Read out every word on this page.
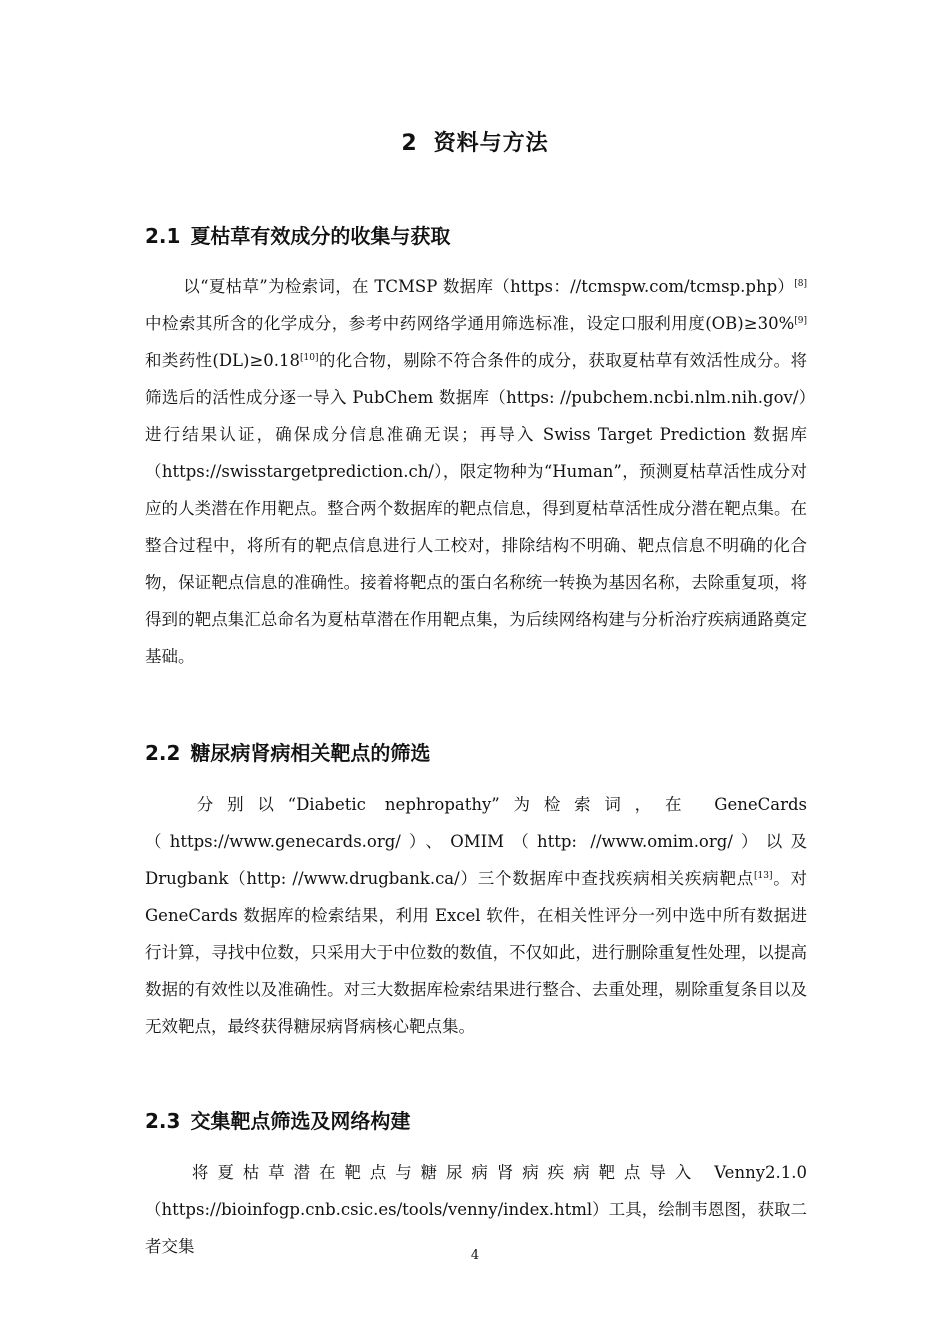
2 资料与方法
2.1 夏枯草有效成分的收集与获取
以“夏枯草”为检索词，在 TCMSP 数据库（https：//tcmspw.com/tcmsp.php）[8]中检索其所含的化学成分，参考中药网络学通用筛选标准，设定口服利用度(OB)≥30%[9]和类药性(DL)≥0.18[10]的化合物，剔除不符合条件的成分，获取夏枯草有效活性成分。将筛选后的活性成分逐一导入 PubChem 数据库（https: //pubchem.ncbi.nlm.nih.gov/）进行结果认证，确保成分信息准确无误；再导入 Swiss Target Prediction 数据库（https://swisstargetprediction.ch/），限定物种为“Human”，预测夏枯草活性成分对应的人类潜在作用靶点。整合两个数据库的靶点信息，得到夏枯草活性成分潜在靶点集。在整合过程中，将所有的靶点信息进行人工校对，排除结构不明确、靶点信息不明确的化合物，保证靶点信息的准确性。接着将靶点的蛋白名称统一转换为基因名称，去除重复项，将得到的靶点集汇总命名为夏枯草潜在作用靶点集，为后续网络构建与分析治疗疾病通路奠定基础。
2.2 糖尿病肾病相关靶点的筛选
分别以“Diabetic nephropathy”为检索词，在 GeneCards（https://www.genecards.org/）、OMIM（http: //www.omim.org/）以及 Drugbank（http: //www.drugbank.ca/）三个数据库中查找疾病相关疾病靶点[13]。对 GeneCards 数据库的检索结果，利用 Excel 软件，在相关性评分一列中选中所有数据进行计算，寻找中位数，只采用大于中位数的数值，不仅如此，进行删除重复性处理，以提高数据的有效性以及准确性。对三大数据库检索结果进行整合、去重处理，剔除重复条目以及无效靶点，最终获得糖尿病肾病核心靶点集。
2.3 交集靶点筛选及网络构建
将夏枯草潜在靶点与糖尿病肾病疾病靶点导入 Venny2.1.0（https://bioinfogp.cnb.csic.es/tools/venny/index.html）工具，绘制韦恩图，获取二者交集	4
